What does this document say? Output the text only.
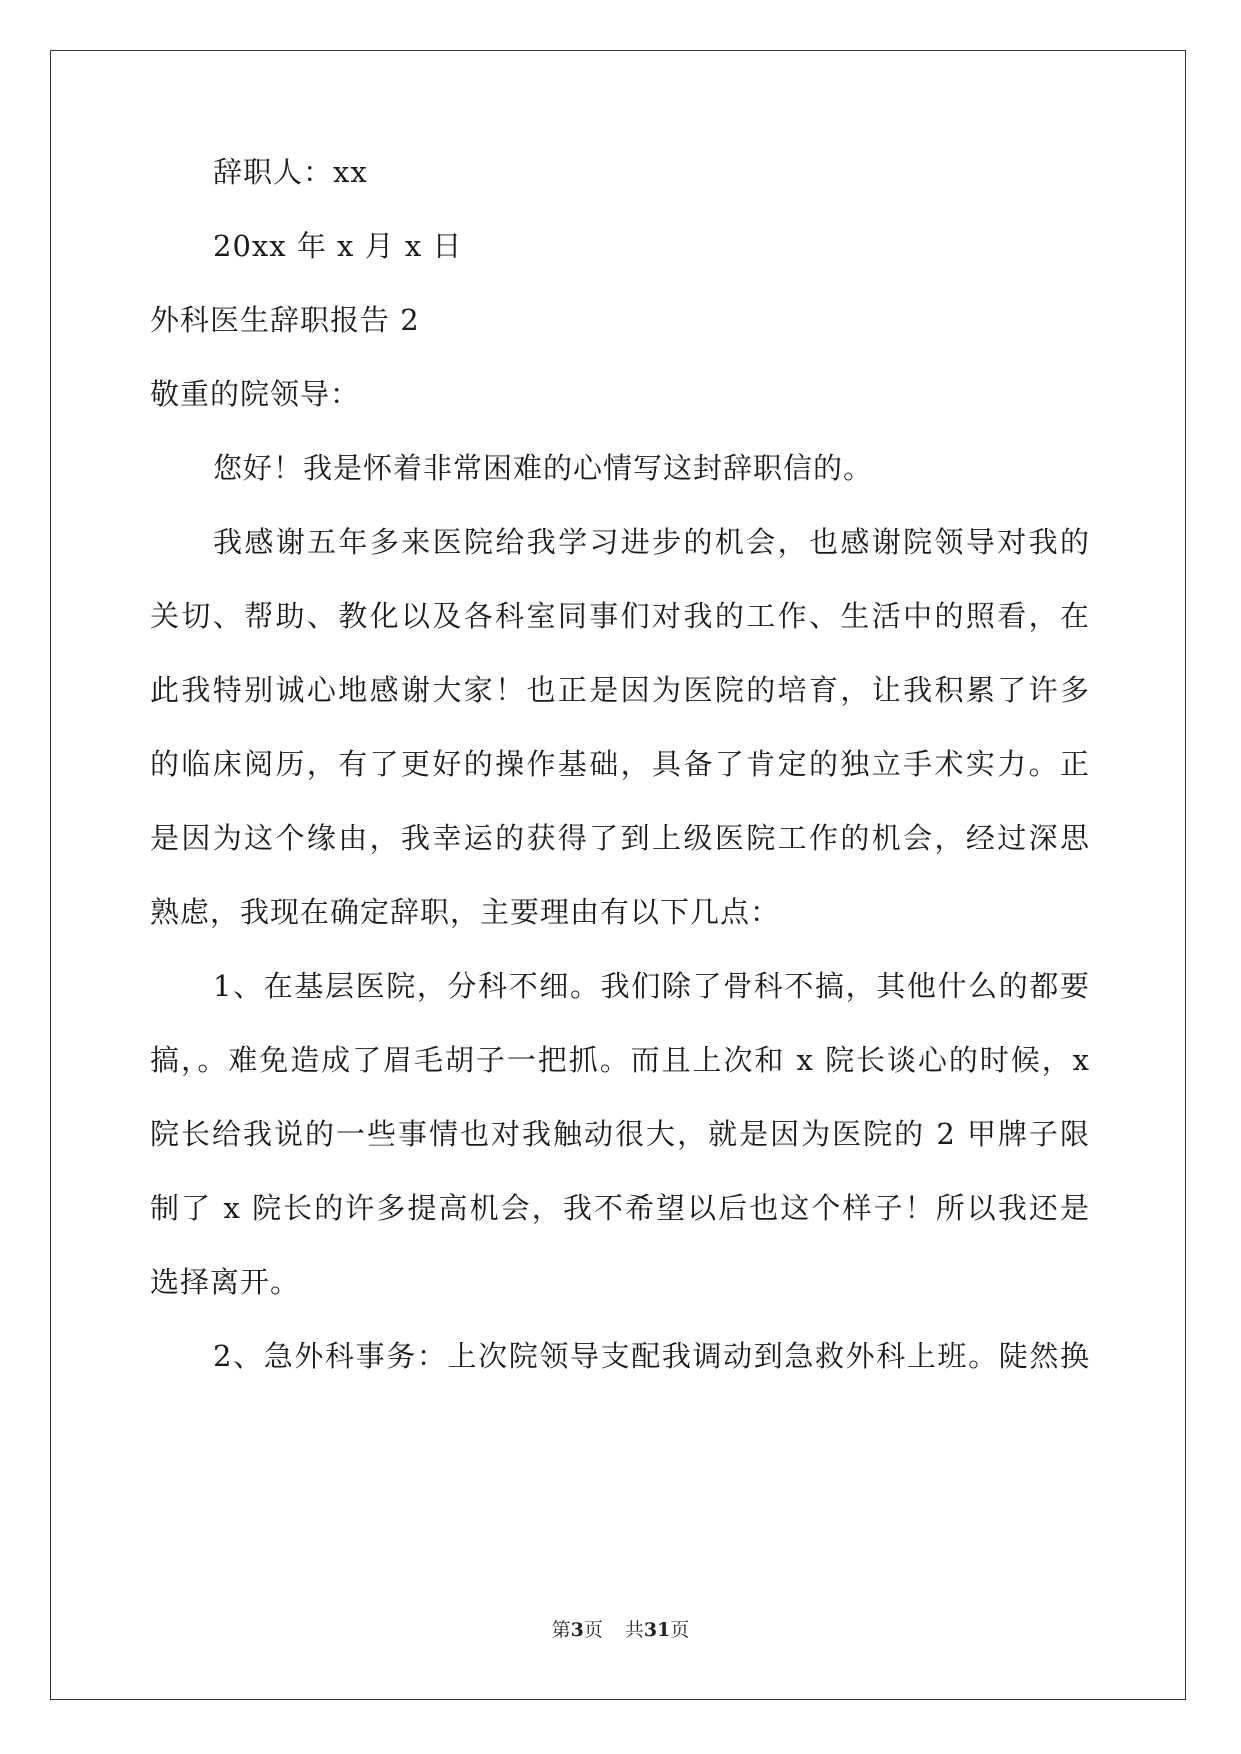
辞职人：xx
20xx 年 x 月 x 日
外科医生辞职报告 2
敬重的院领导：
您好！我是怀着非常困难的心情写这封辞职信的。
我感谢五年多来医院给我学习进步的机会，也感谢院领导对我的
关切、帮助、教化以及各科室同事们对我的工作、生活中的照看，在
此我特别诚心地感谢大家！也正是因为医院的培育，让我积累了许多
的临床阅历，有了更好的操作基础，具备了肯定的独立手术实力。正
是因为这个缘由，我幸运的获得了到上级医院工作的机会，经过深思
熟虑，我现在确定辞职，主要理由有以下几点：
1、在基层医院，分科不细。我们除了骨科不搞，其他什么的都要
搞，。难免造成了眉毛胡子一把抓。而且上次和 x 院长谈心的时候，x
院长给我说的一些事情也对我触动很大，就是因为医院的 2 甲牌子限
制了 x 院长的许多提高机会，我不希望以后也这个样子！所以我还是
选择离开。
2、急外科事务：上次院领导支配我调动到急救外科上班。陡然换
第3页 共31页
